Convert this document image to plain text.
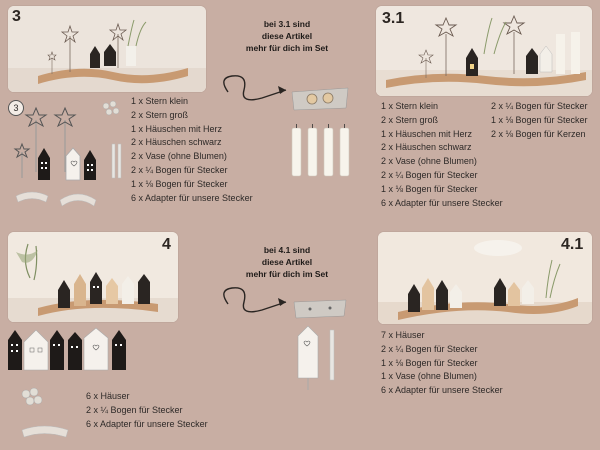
3
3
1 x Stern klein
2 x Stern groß
1 x Häuschen mit Herz
2 x Häuschen schwarz
2 x Vase (ohne Blumen)
2 x ¼ Bogen für Stecker
1 x ⅛ Bogen für Stecker
6 x Adapter für unsere Stecker
bei 3.1 sind
diese Artikel
mehr für dich im Set
3.1
1 x Stern klein
2 x Stern groß
1 x Häuschen mit Herz
2 x Häuschen schwarz
2 x Vase (ohne Blumen)
2 x ¼ Bogen für Stecker
1 x ⅛ Bogen für Stecker
6 x Adapter für unsere Stecker
2 x ¼ Bogen für Stecker
1 x ⅛ Bogen für Stecker
2 x ⅛ Bogen für Kerzen
4
6 x Häuser
2 x ¼ Bogen für Stecker
6 x Adapter für unsere Stecker
bei 4.1 sind
diese Artikel
mehr für dich im Set
4.1
7 x Häuser
2 x ¼ Bogen für Stecker
1 x ⅛ Bogen für Stecker
1 x Vase (ohne Blumen)
6 x Adapter für unsere Stecker
